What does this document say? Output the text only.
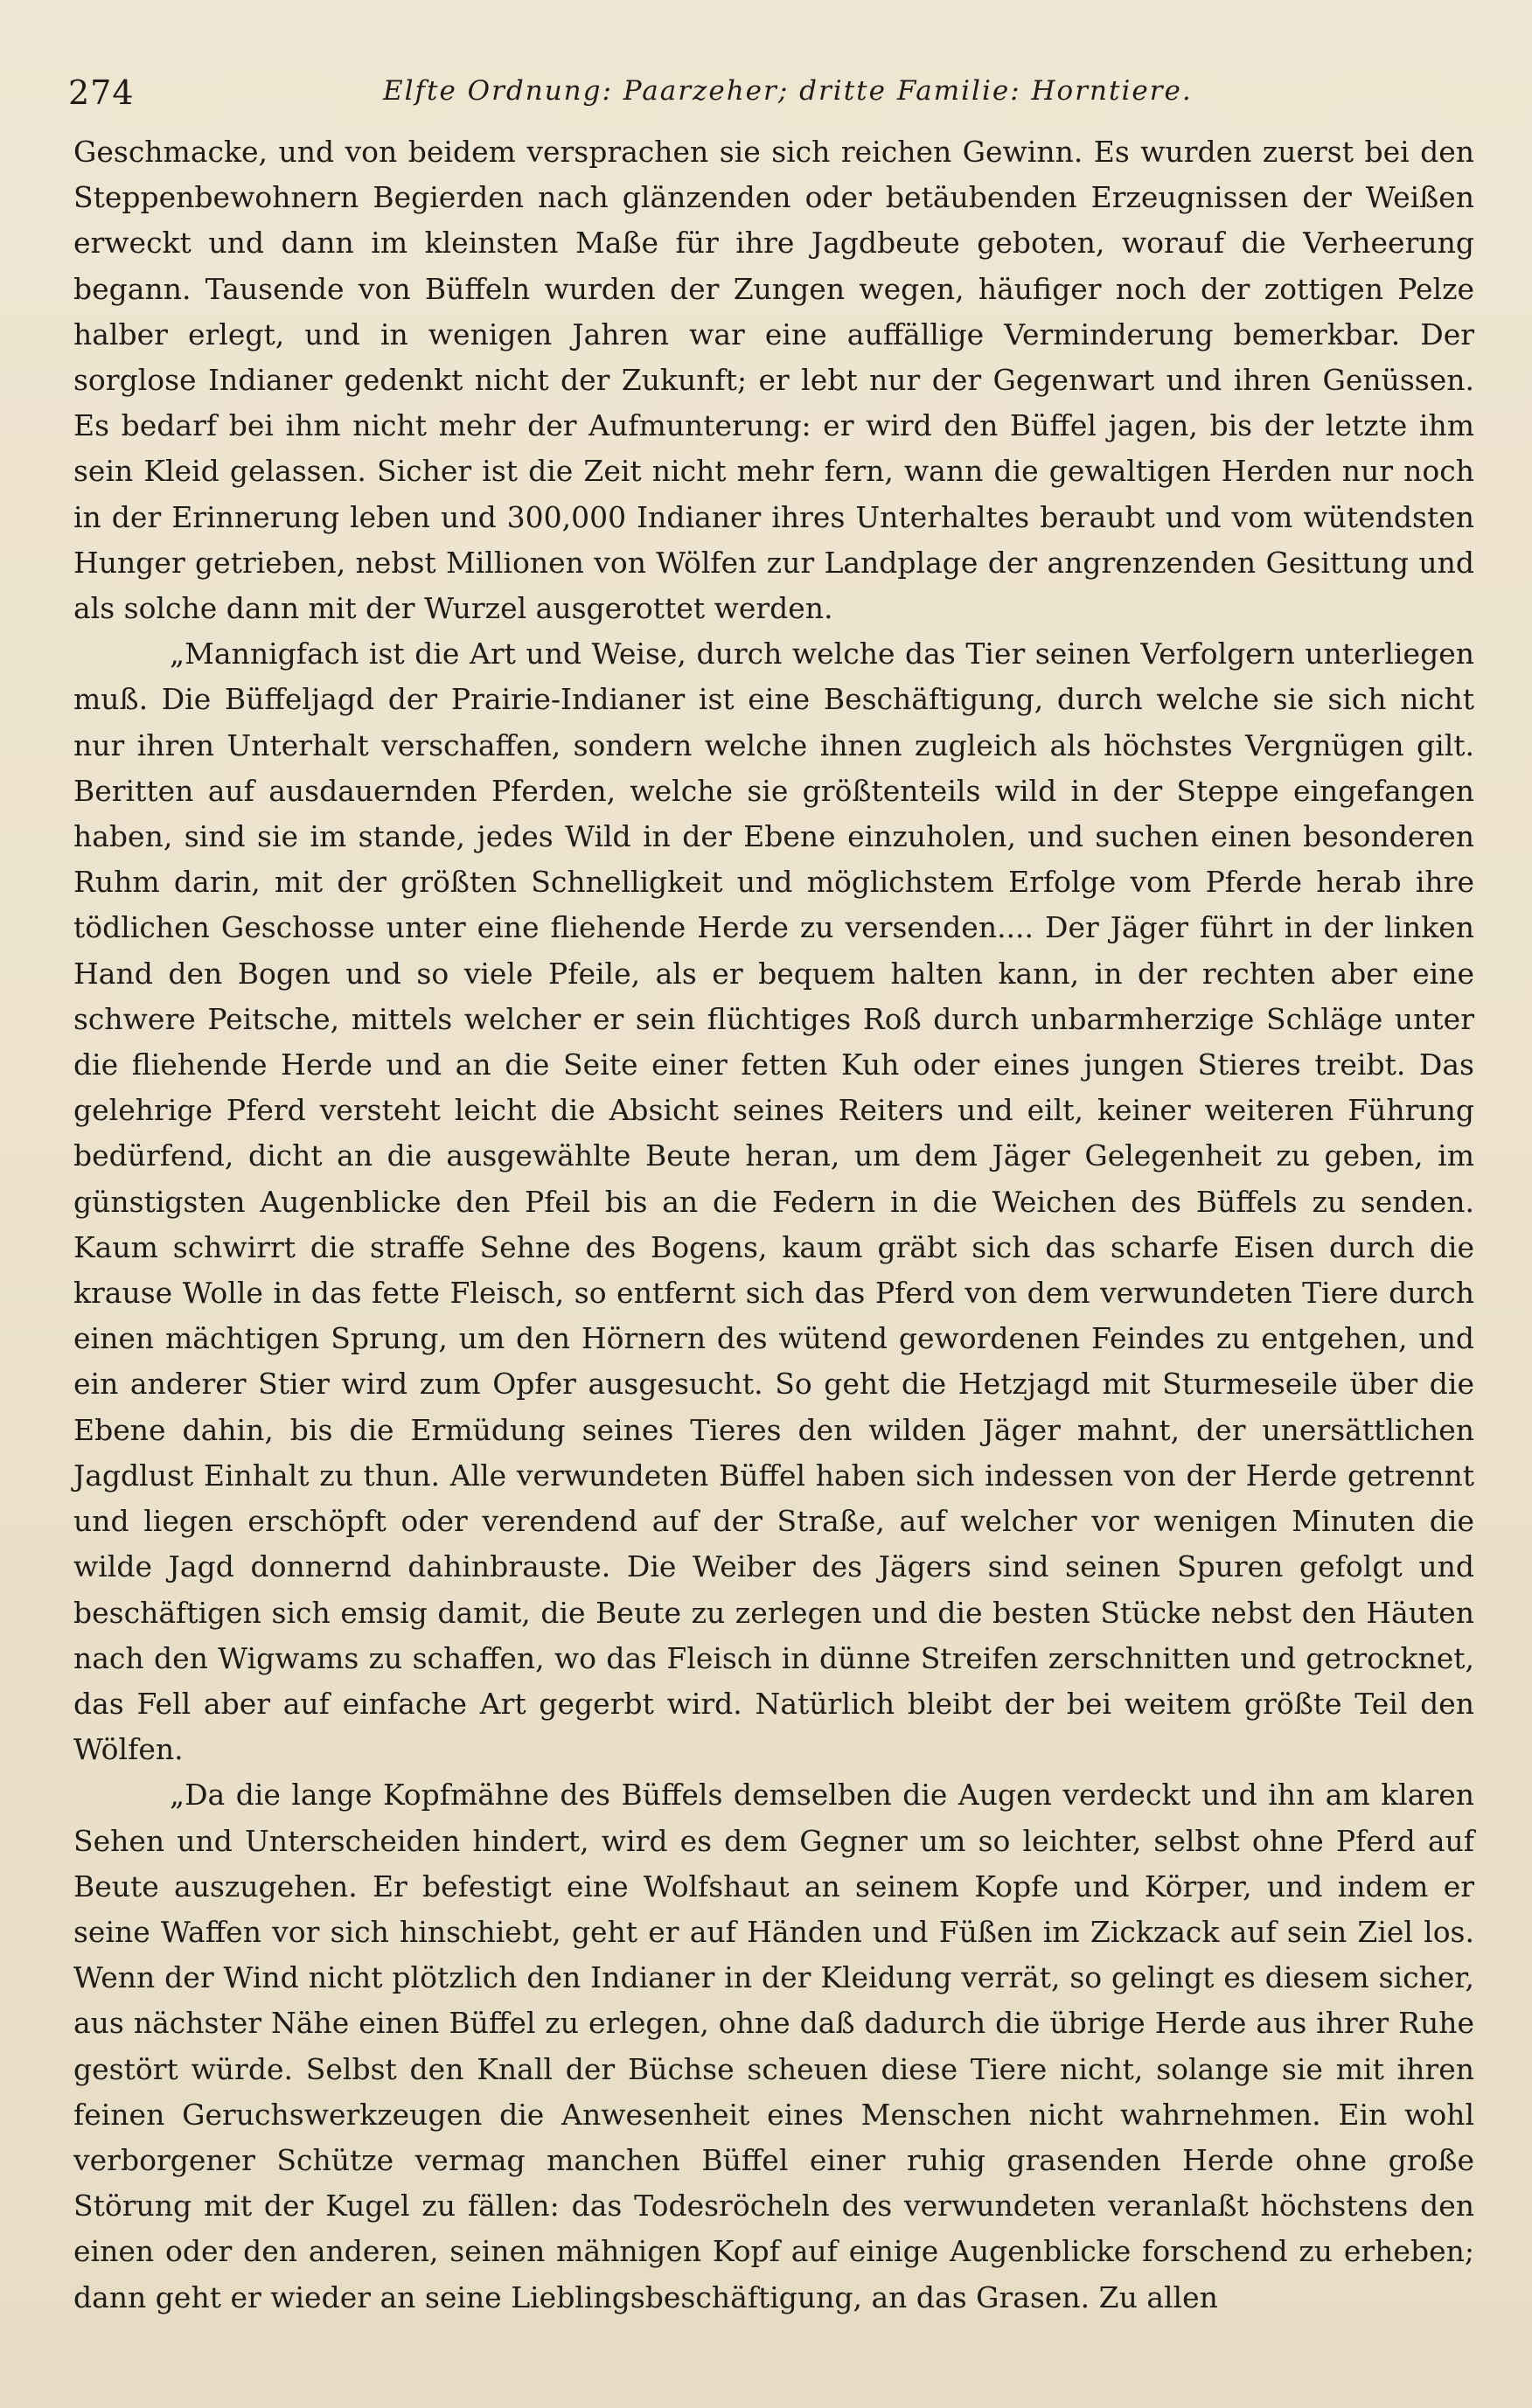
274	Elfte Ordnung: Paarzeher; dritte Familie: Horntiere.

Geschmacke, und von beidem versprachen sie sich reichen Gewinn. Es wurden zuerst bei den Steppenbewohnern Begierden nach glänzenden oder betäubenden Erzeugnissen der Weißen erweckt und dann im kleinsten Maße für ihre Jagdbeute geboten, worauf die Verheerung begann. Tausende von Büffeln wurden der Zungen wegen, häufiger noch der zottigen Pelze halber erlegt, und in wenigen Jahren war eine auffällige Verminderung bemerkbar. Der sorglose Indianer gedenkt nicht der Zukunft; er lebt nur der Gegenwart und ihren Genüssen. Es bedarf bei ihm nicht mehr der Aufmunterung: er wird den Büffel jagen, bis der letzte ihm sein Kleid gelassen. Sicher ist die Zeit nicht mehr fern, wann die gewaltigen Herden nur noch in der Erinnerung leben und 300,000 Indianer ihres Unterhaltes beraubt und vom wütendsten Hunger getrieben, nebst Millionen von Wölfen zur Landplage der angrenzenden Gesittung und als solche dann mit der Wurzel ausgerottet werden.

„Mannigfach ist die Art und Weise, durch welche das Tier seinen Verfolgern unterliegen muß. Die Büffeljagd der Prairie-Indianer ist eine Beschäftigung, durch welche sie sich nicht nur ihren Unterhalt verschaffen, sondern welche ihnen zugleich als höchstes Vergnügen gilt. Beritten auf ausdauernden Pferden, welche sie größtenteils wild in der Steppe eingefangen haben, sind sie im stande, jedes Wild in der Ebene einzuholen, und suchen einen besonderen Ruhm darin, mit der größten Schnelligkeit und möglichstem Erfolge vom Pferde herab ihre tödlichen Geschosse unter eine fliehende Herde zu versenden.... Der Jäger führt in der linken Hand den Bogen und so viele Pfeile, als er bequem halten kann, in der rechten aber eine schwere Peitsche, mittels welcher er sein flüchtiges Roß durch unbarmherzige Schläge unter die fliehende Herde und an die Seite einer fetten Kuh oder eines jungen Stieres treibt. Das gelehrige Pferd versteht leicht die Absicht seines Reiters und eilt, keiner weiteren Führung bedürfend, dicht an die ausgewählte Beute heran, um dem Jäger Gelegenheit zu geben, im günstigsten Augenblicke den Pfeil bis an die Federn in die Weichen des Büffels zu senden. Kaum schwirrt die straffe Sehne des Bogens, kaum gräbt sich das scharfe Eisen durch die krause Wolle in das fette Fleisch, so entfernt sich das Pferd von dem verwundeten Tiere durch einen mächtigen Sprung, um den Hörnern des wütend gewordenen Feindes zu entgehen, und ein anderer Stier wird zum Opfer ausgesucht. So geht die Hetzjagd mit Sturmeseile über die Ebene dahin, bis die Ermüdung seines Tieres den wilden Jäger mahnt, der unersättlichen Jagdlust Einhalt zu thun. Alle verwundeten Büffel haben sich indessen von der Herde getrennt und liegen erschöpft oder verendend auf der Straße, auf welcher vor wenigen Minuten die wilde Jagd donnernd dahinbrauste. Die Weiber des Jägers sind seinen Spuren gefolgt und beschäftigen sich emsig damit, die Beute zu zerlegen und die besten Stücke nebst den Häuten nach den Wigwams zu schaffen, wo das Fleisch in dünne Streifen zerschnitten und getrocknet, das Fell aber auf einfache Art gegerbt wird. Natürlich bleibt der bei weitem größte Teil den Wölfen.

„Da die lange Kopfmähne des Büffels demselben die Augen verdeckt und ihn am klaren Sehen und Unterscheiden hindert, wird es dem Gegner um so leichter, selbst ohne Pferd auf Beute auszugehen. Er befestigt eine Wolfshaut an seinem Kopfe und Körper, und indem er seine Waffen vor sich hinschiebt, geht er auf Händen und Füßen im Zickzack auf sein Ziel los. Wenn der Wind nicht plötzlich den Indianer in der Kleidung verrät, so gelingt es diesem sicher, aus nächster Nähe einen Büffel zu erlegen, ohne daß dadurch die übrige Herde aus ihrer Ruhe gestört würde. Selbst den Knall der Büchse scheuen diese Tiere nicht, solange sie mit ihren feinen Geruchswerkzeugen die Anwesenheit eines Menschen nicht wahrnehmen. Ein wohl verborgener Schütze vermag manchen Büffel einer ruhig grasenden Herde ohne große Störung mit der Kugel zu fällen: das Todesröcheln des verwundeten veranlaßt höchstens den einen oder den anderen, seinen mähnigen Kopf auf einige Augenblicke forschend zu erheben; dann geht er wieder an seine Lieblingsbeschäftigung, an das Grasen. Zu allen
